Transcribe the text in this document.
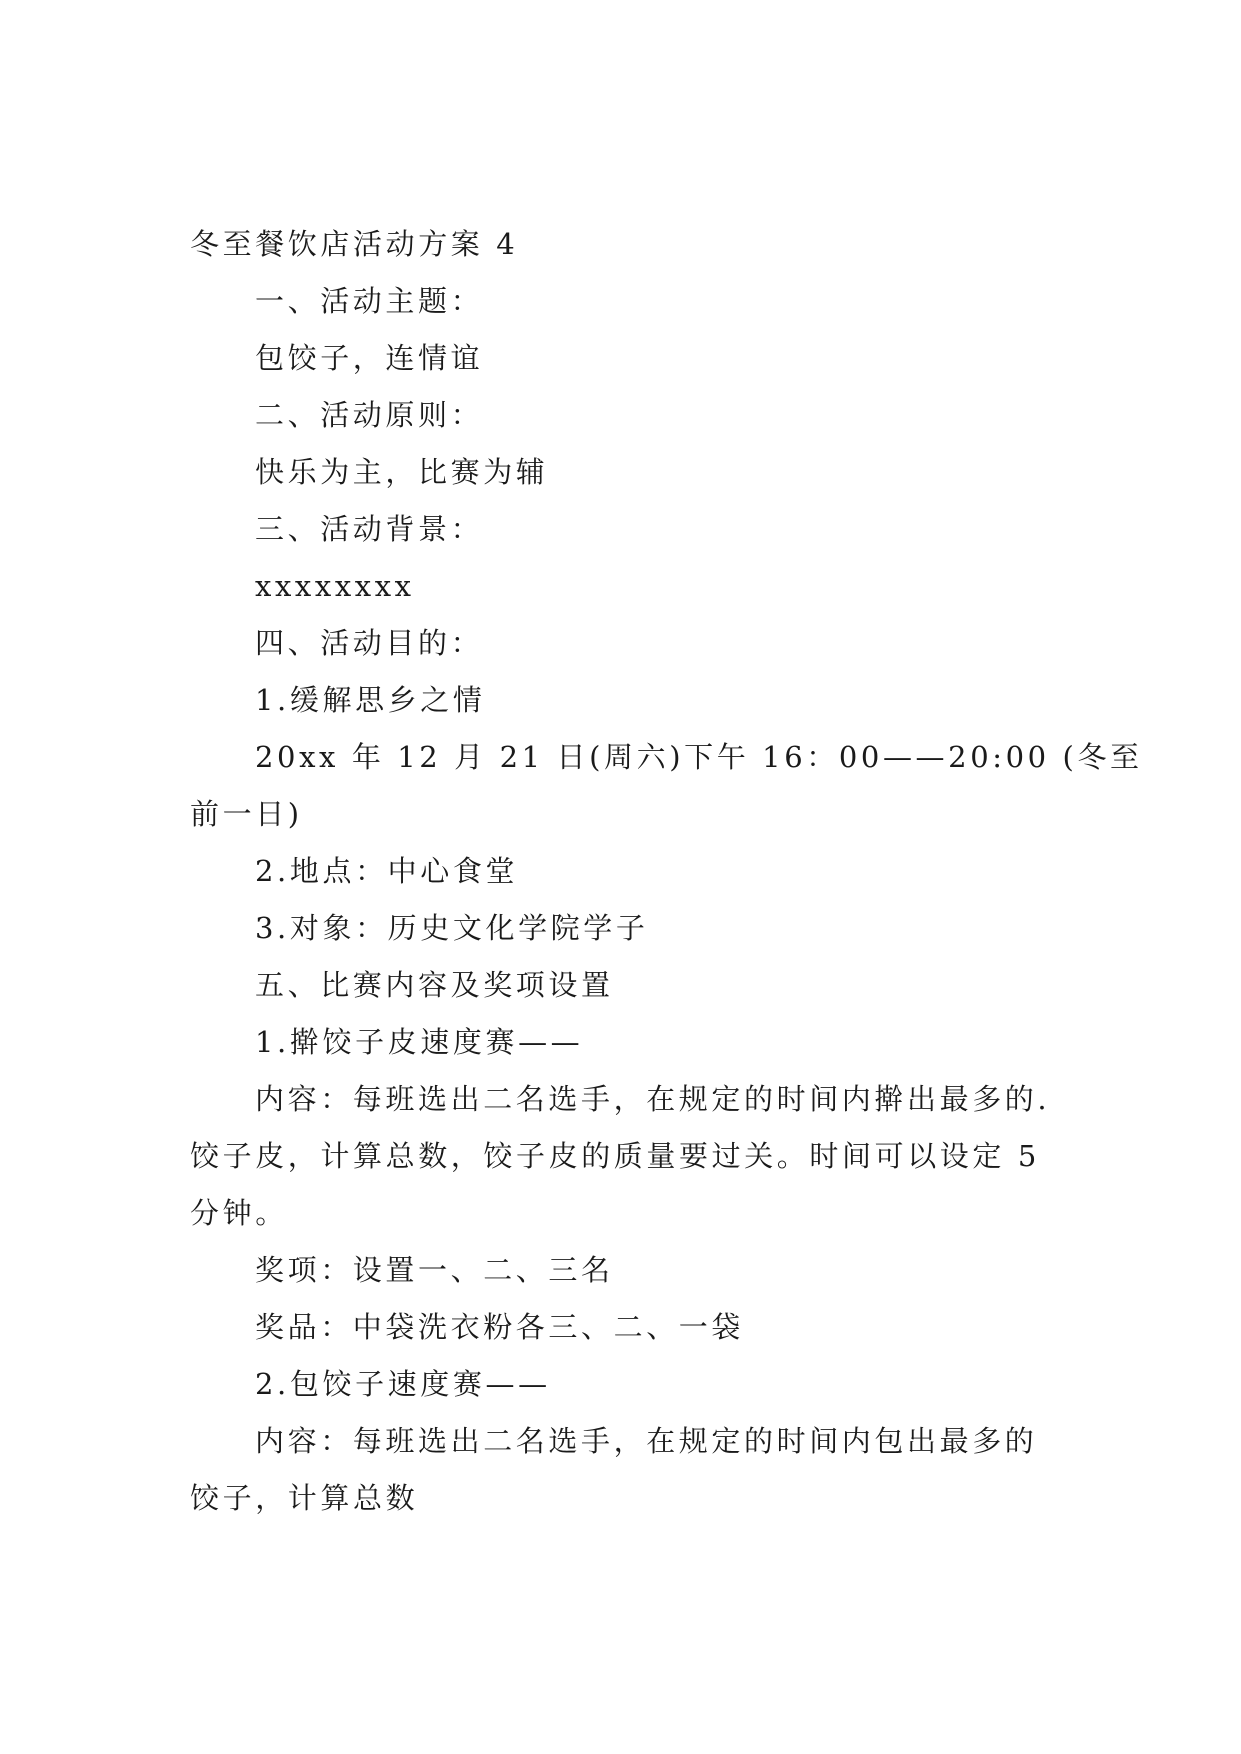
冬至餐饮店活动方案 4
一、活动主题：
包饺子，连情谊
二、活动原则：
快乐为主，比赛为辅
三、活动背景：
xxxxxxxx
四、活动目的：
1.缓解思乡之情
20xx 年 12 月 21 日(周六)下午 16：00——20:00 (冬至
前一日)
2.地点：中心食堂
3.对象：历史文化学院学子
五、比赛内容及奖项设置
1.擀饺子皮速度赛——
内容：每班选出二名选手，在规定的时间内擀出最多的.
饺子皮，计算总数，饺子皮的质量要过关。时间可以设定 5
分钟。
奖项：设置一、二、三名
奖品：中袋洗衣粉各三、二、一袋
2.包饺子速度赛——
内容：每班选出二名选手，在规定的时间内包出最多的
饺子，计算总数
